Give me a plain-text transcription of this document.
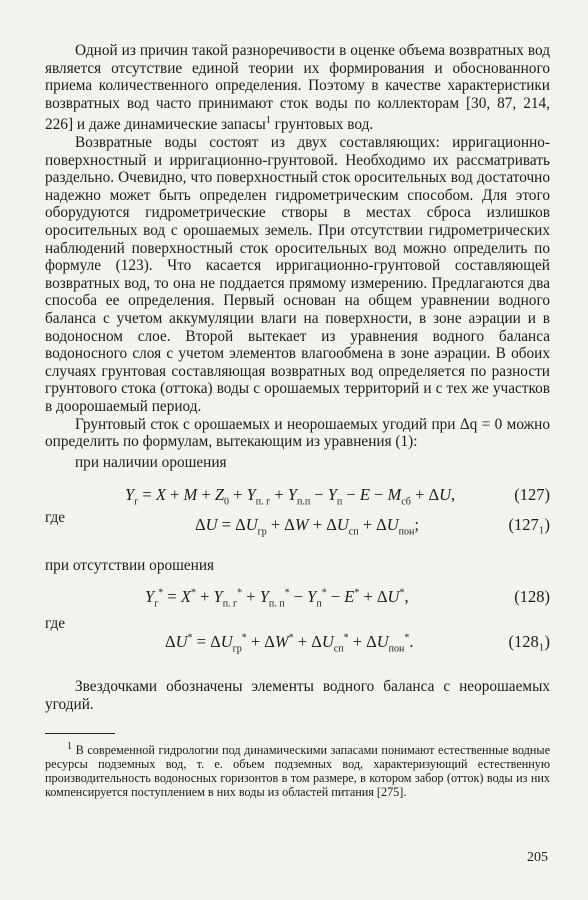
Одной из причин такой разноречивости в оценке объема возвратных вод является отсутствие единой теории их формирования и обоснованного приема количественного определения. Поэтому в качестве характеристики возвратных вод часто принимают сток воды по коллекторам [30, 87, 214, 226] и даже динамические запасы$^1$ грунтовых вод.

Возвратные воды состоят из двух составляющих: ирригационно-поверхностный и ирригационно-грунтовой. Необходимо их рассматривать раздельно. Очевидно, что поверхностный сток оросительных вод достаточно надежно может быть определен гидрометрическим способом. Для этого оборудуются гидрометрические створы в местах сброса излишков оросительных вод с орошаемых земель. При отсутствии гидрометрических наблюдений поверхностный сток оросительных вод можно определить по формуле (123). Что касается ирригационно-грунтовой составляющей возвратных вод, то она не поддается прямому измерению. Предлагаются два способа ее определения. Первый основан на общем уравнении водного баланса с учетом аккумуляции влаги на поверхности, в зоне аэрации и в водоносном слое. Второй вытекает из уравнения водного баланса водоносного слоя с учетом элементов влагообмена в зоне аэрации. В обоих случаях грунтовая составляющая возвратных вод определяется по разности грунтового стока (оттока) воды с орошаемых территорий и с тех же участков в доорошаемый период.

Грунтовый сток с орошаемых и неорошаемых угодий при Δq = 0 можно определить по формулам, вытекающим из уравнения (1):

при наличии орошения

$Y_г = X + M + Z_0 + Y_{п. г} + Y_{п.п} - Y_п - E - M_{сб} + \Delta U$,	(127)

где	$\Delta U = \Delta U_{гр} + \Delta W + \Delta U_{сп} + \Delta U_{пон}$;	(127₁)

при отсутствии орошения

$Y_г^* = X^* + Y_{п. г}^* + Y_{п. п}^* - Y_п^* - E^* + \Delta U^*$,	(128)

где

$\Delta U^* = \Delta U_{гр}^* + \Delta W^* + \Delta U_{сп}^* + \Delta U_{пон}^*$.	(128₁)

Звездочками обозначены элементы водного баланса с неорошаемых угодий.

$^1$ В современной гидрологии под динамическими запасами понимают естественные водные ресурсы подземных вод, т. е. объем подземных вод, характеризующий естественную производительность водоносных горизонтов в том размере, в котором забор (отток) воды из них компенсируется поступлением в них воды из областей питания [275].

205
